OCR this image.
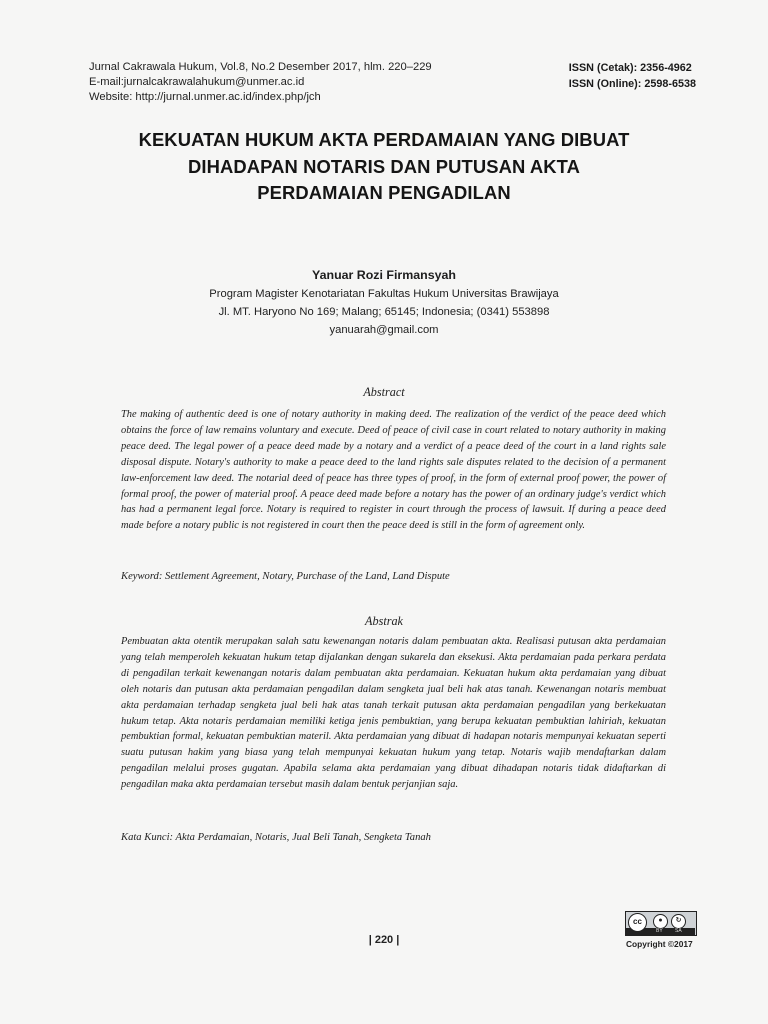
Jurnal Cakrawala Hukum, Vol.8, No.2 Desember 2017, hlm. 220–229
E-mail:jurnalcakrawalahukum@unmer.ac.id
Website: http://jurnal.unmer.ac.id/index.php/jch
ISSN (Cetak): 2356-4962
ISSN (Online): 2598-6538
KEKUATAN HUKUM AKTA PERDAMAIAN YANG DIBUAT
DIHADAPAN NOTARIS DAN PUTUSAN AKTA
PERDAMAIAN PENGADILAN
Yanuar Rozi Firmansyah
Program Magister Kenotariatan Fakultas Hukum Universitas Brawijaya
Jl. MT. Haryono No 169; Malang; 65145; Indonesia; (0341) 553898
yanuarah@gmail.com
Abstract
The making of authentic deed is one of notary authority in making deed. The realization of the verdict of the peace deed which obtains the force of law remains voluntary and execute. Deed of peace of civil case in court related to notary authority in making peace deed. The legal power of a peace deed made by a notary and a verdict of a peace deed of the court in a land rights sale disposal dispute. Notary's authority to make a peace deed to the land rights sale disputes related to the decision of a permanent law-enforcement law deed. The notarial deed of peace has three types of proof, in the form of external proof power, the power of formal proof, the power of material proof. A peace deed made before a notary has the power of an ordinary judge's verdict which has had a permanent legal force. Notary is required to register in court through the process of lawsuit. If during a peace deed made before a notary public is not registered in court then the peace deed is still in the form of agreement only.
Keyword: Settlement Agreement, Notary, Purchase of the Land, Land Dispute
Abstrak
Pembuatan akta otentik merupakan salah satu kewenangan notaris dalam pembuatan akta. Realisasi putusan akta perdamaian yang telah memperoleh kekuatan hukum tetap dijalankan dengan sukarela dan eksekusi. Akta perdamaian pada perkara perdata di pengadilan terkait kewenangan notaris dalam pembuatan akta perdamaian. Kekuatan hukum akta perdamaian yang dibuat oleh notaris dan putusan akta perdamaian pengadilan dalam sengketa jual beli hak atas tanah. Kewenangan notaris membuat akta perdamaian terhadap sengketa jual beli hak atas tanah terkait putusan akta perdamaian pengadilan yang berkekuatan hukum tetap. Akta notaris perdamaian memiliki ketiga jenis pembuktian, yang berupa kekuatan pembuktian lahiriah, kekuatan pembuktian formal, kekuatan pembuktian materil. Akta perdamaian yang dibuat di hadapan notaris mempunyai kekuatan seperti suatu putusan hakim yang biasa yang telah mempunyai kekuatan hukum yang tetap. Notaris wajib mendaftarkan dalam pengadilan melalui proses gugatan. Apabila selama akta perdamaian yang dibuat dihadapan notaris tidak didaftarkan di pengadilan maka akta perdamaian tersebut masih dalam bentuk perjanjian saja.
Kata Kunci: Akta Perdamaian, Notaris, Jual Beli Tanah, Sengketa Tanah
| 220 |
cc	●	↻
BY SA
Copyright ©2017
